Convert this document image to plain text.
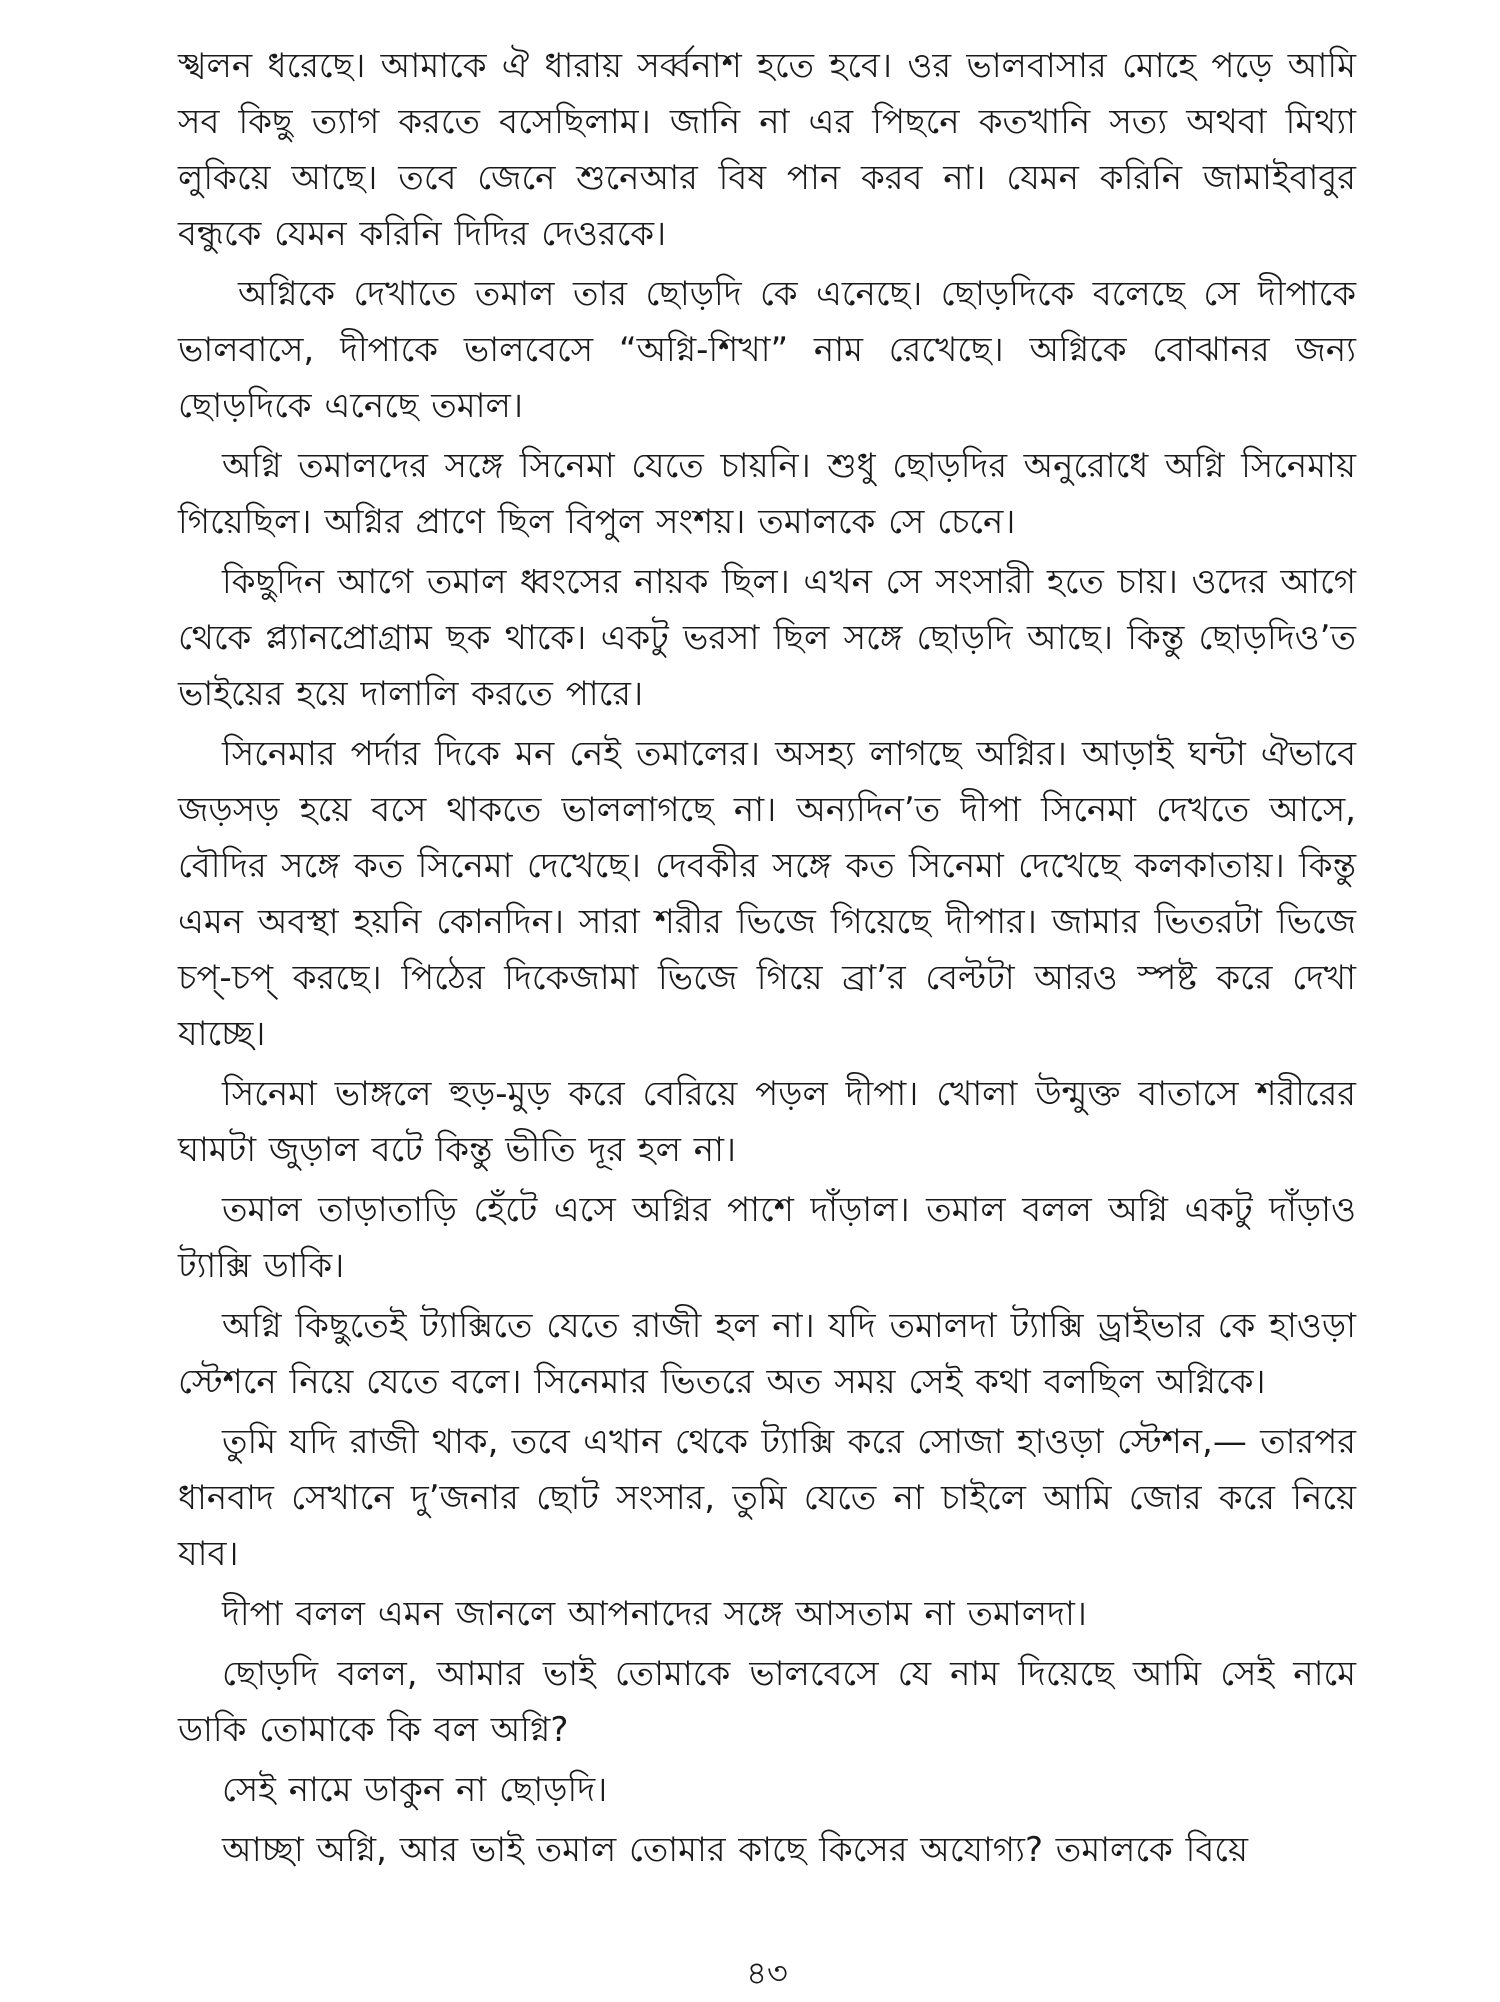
স্খলন ধরেছে। আমাকে ঐ ধারায় সর্ব্বনাশ হতে হবে। ওর ভালবাসার মোহে পড়ে আমি সব কিছু ত্যাগ করতে বসেছিলাম। জানি না এর পিছনে কতখানি সত্য অথবা মিথ্যা লুকিয়ে আছে। তবে জেনে শুনেআর বিষ পান করব না। যেমন করিনি জামাইবাবুর বন্ধুকে যেমন করিনি দিদির দেওরকে।

অগ্নিকে দেখাতে তমাল তার ছোড়দি কে এনেছে। ছোড়দিকে বলেছে সে দীপাকে ভালবাসে, দীপাকে ভালবেসে “অগ্নি-শিখা” নাম রেখেছে। অগ্নিকে বোঝানর জন্য ছোড়দিকে এনেছে তমাল।

অগ্নি তমালদের সঙ্গে সিনেমা যেতে চায়নি। শুধু ছোড়দির অনুরোধে অগ্নি সিনেমায় গিয়েছিল। অগ্নির প্রাণে ছিল বিপুল সংশয়। তমালকে সে চেনে।

কিছুদিন আগে তমাল ধ্বংসের নায়ক ছিল। এখন সে সংসারী হতে চায়। ওদের আগে থেকে প্ল্যানপ্রোগ্রাম ছক থাকে। একটু ভরসা ছিল সঙ্গে ছোড়দি আছে। কিন্তু ছোড়দিও’ত ভাইয়ের হয়ে দালালি করতে পারে।

সিনেমার পর্দার দিকে মন নেই তমালের। অসহ্য লাগছে অগ্নির। আড়াই ঘন্টা ঐভাবে জড়সড় হয়ে বসে থাকতে ভাললাগছে না। অন্যদিন’ত দীপা সিনেমা দেখতে আসে, বৌদির সঙ্গে কত সিনেমা দেখেছে। দেবকীর সঙ্গে কত সিনেমা দেখেছে কলকাতায়। কিন্তু এমন অবস্থা হয়নি কোনদিন। সারা শরীর ভিজে গিয়েছে দীপার। জামার ভিতরটা ভিজে চপ্-চপ্ করছে। পিঠের দিকেজামা ভিজে গিয়ে ব্রা’র বেল্টটা আরও স্পষ্ট করে দেখা যাচ্ছে।

সিনেমা ভাঙ্গলে হুড়-মুড় করে বেরিয়ে পড়ল দীপা। খোলা উন্মুক্ত বাতাসে শরীরের ঘামটা জুড়াল বটে কিন্তু ভীতি দূর হল না।

তমাল তাড়াতাড়ি হেঁটে এসে অগ্নির পাশে দাঁড়াল। তমাল বলল অগ্নি একটু দাঁড়াও ট্যাক্সি ডাকি।

অগ্নি কিছুতেই ট্যাক্সিতে যেতে রাজী হল না। যদি তমালদা ট্যাক্সি ড্রাইভার কে হাওড়া স্টেশনে নিয়ে যেতে বলে। সিনেমার ভিতরে অত সময় সেই কথা বলছিল অগ্নিকে।

তুমি যদি রাজী থাক, তবে এখান থেকে ট্যাক্সি করে সোজা হাওড়া স্টেশন,— তারপর ধানবাদ সেখানে দু’জনার ছোট সংসার, তুমি যেতে না চাইলে আমি জোর করে নিয়ে যাব।

দীপা বলল এমন জানলে আপনাদের সঙ্গে আসতাম না তমালদা।

ছোড়দি বলল, আমার ভাই তোমাকে ভালবেসে যে নাম দিয়েছে আমি সেই নামে ডাকি তোমাকে কি বল অগ্নি?

সেই নামে ডাকুন না ছোড়দি।

আচ্ছা অগ্নি, আর ভাই তমাল তোমার কাছে কিসের অযোগ্য? তমালকে বিয়ে

৪৩
